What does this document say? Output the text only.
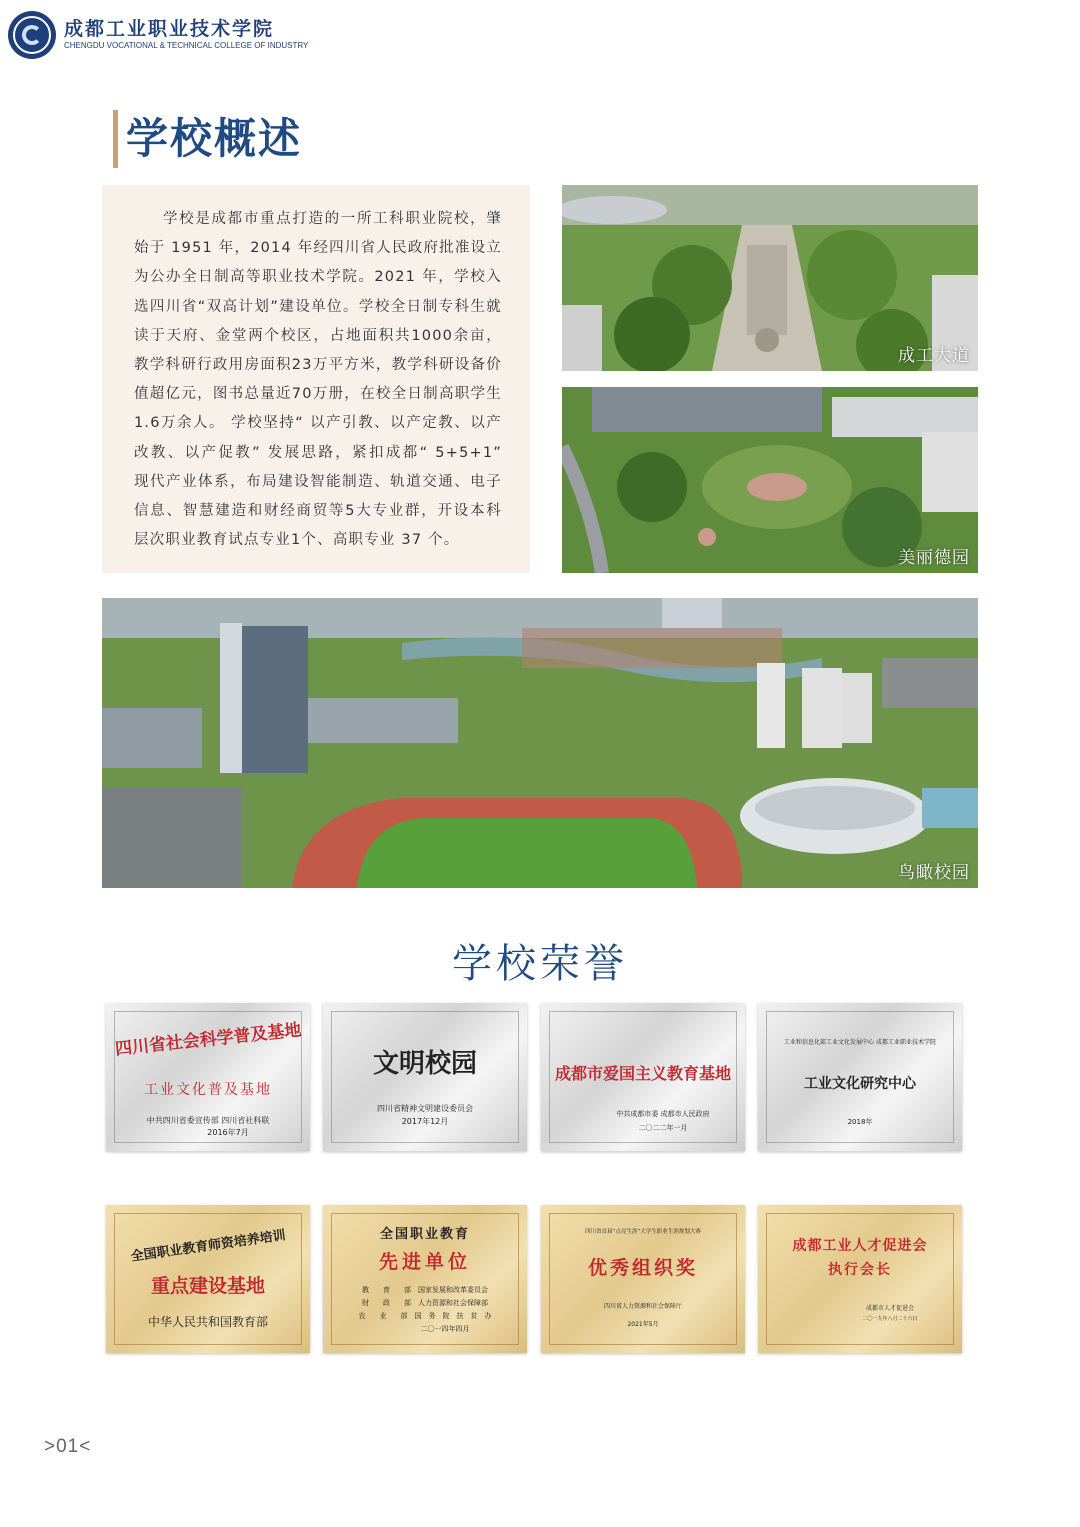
成都工业职业技术学院
CHENGDU VOCATIONAL & TECHNICAL COLLEGE OF INDUSTRY
学校概述
学校是成都市重点打造的一所工科职业院校，肇始于 1951 年，2014 年经四川省人民政府批准设立为公办全日制高等职业技术学院。2021 年，学校入选四川省“双高计划”建设单位。学校全日制专科生就读于天府、金堂两个校区，占地面积共1000余亩，教学科研行政用房面积23万平方米，教学科研设备价值超亿元，图书总量近70万册，在校全日制高职学生1.6万余人。 学校坚持“ 以产引教、以产定教、以产改教、以产促教” 发展思路，紧扣成都“ 5+5+1” 现代产业体系，布局建设智能制造、轨道交通、电子信息、智慧建造和财经商贸等5大专业群，开设本科层次职业教育试点专业1个、高职专业 37 个。
成工大道
美丽德园
鸟瞰校园
学校荣誉
四川省社会科学普及基地
工业文化普及基地
中共四川省委宣传部 四川省社科联
2016年7月
文明校园
四川省精神文明建设委员会
2017年12月
成都市爱国主义教育基地
中共成都市委 成都市人民政府
二〇二二年一月
工业和信息化部工业文化发展中心 成都工业职业技术学院
工业文化研究中心
2018年
全国职业教育师资培养培训
重点建设基地
中华人民共和国教育部
全国职业教育
先进单位
教　　育　　部　国家发展和改革委员会
财　　政　　部　人力资源和社会保障部
农　　业　　部　国　务　院　扶　贫　办
二〇一四年四月
四川省首届“点亮生涯”大学生职业生涯规划大赛
优秀组织奖
四川省人力资源和社会保障厅
2021年5月
成都工业人才促进会
执行会长
成都市人才促进会
二〇一九年八月二十六日
>01<
